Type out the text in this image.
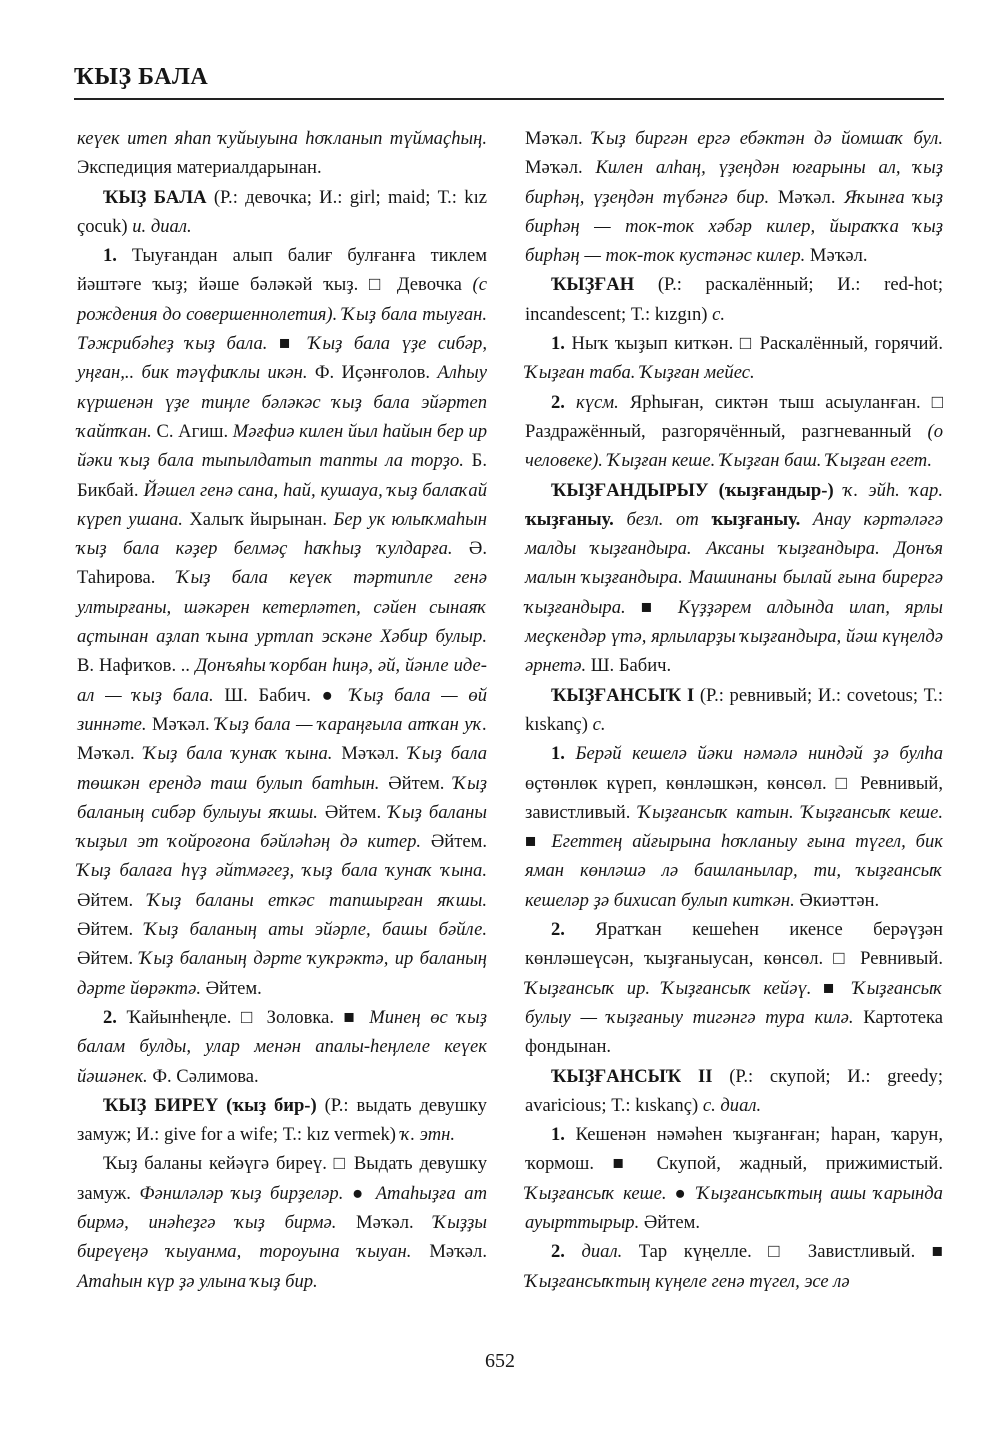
ҠЫҘ БАЛА

кеүек итеп яһап ҡуйыуына һоҡланып түймаҫһың. Экспедиция материалдарынан.

ҠЫҘ БАЛА (Р.: девочка; И.: girl; maid; Т.: kız çocuk) и. диал.

1. Тыуғандан алып балиғ булғанға тиклем йәштәге ҡыҙ; йәше бәләкәй ҡыҙ. □ Девочка (с рождения до совершеннолетия). Ҡыҙ бала тыуған. Тәжрибәһеҙ ҡыҙ бала. ■ Ҡыҙ бала үҙе сибәр, уңған,.. бик тәүфиҡлы икән. Ф. Иҫәнғолов. Алһыу күршенән үҙе тиңле бәләкәс ҡыҙ бала эйәртеп ҡайтҡан. С. Агиш. Мәғфиә килен йыл һайын бер ир йәки ҡыҙ бала тыпылдатып тапты ла торҙо. Б. Бикбай. Йәшел генә сана, һай, кушауа, ҡыҙ балаҡай күреп ушана. Халыҡ йырынан. Бер ук юлыҡмаһын ҡыҙ бала кәҙер белмәҫ һаҡһыҙ ҡулдарға. Ә. Таһирова. Ҡыҙ бала кеүек тәртипле генә ултырғаны, шәкәрен кетерләтеп, сәйен сынаяҡ аҫтынан аҙлап ҡына уртлап эскәне Хәбир булыр. В. Нафиҡов. .. Донъяһы ҡорбан һиңә, әй, йәнле идеал — ҡыҙ бала. Ш. Бабич. ● Ҡыҙ бала — өй зиннәте. Мәҡәл. Ҡыҙ бала — ҡараңғыла атҡан уҡ. Мәҡәл. Ҡыҙ бала ҡунаҡ ҡына. Мәҡәл. Ҡыҙ бала төшкән ерендә таш булып батһын. Әйтем. Ҡыҙ баланың сибәр булыуы яҡшы. Әйтем. Ҡыҙ баланы ҡыҙыл эт ҡойроғона бәйләһәң дә китер. Әйтем. Ҡыҙ балаға һүҙ әйтмәгеҙ, ҡыҙ бала ҡунаҡ ҡына. Әйтем. Ҡыҙ баланы еткәс тапшырған яҡшы. Әйтем. Ҡыҙ баланың аты эйәрле, башы бәйле. Әйтем. Ҡыҙ баланың дәрте ҡуҡрәктә, ир баланың дәрте йөрәктә. Әйтем.

2. Ҡайынһеңле. □ Золовка. ■ Минең өс ҡыҙ балам булды, улар менән апалы-һеңлеле кеүек йәшәнек. Ф. Сәлимова.

ҠЫҘ БИРЕҮ (ҡыҙ бир-) (Р.: выдать девушку замуж; И.: give for a wife; Т.: kız vermek) ҡ. этн.

Ҡыҙ баланы кейәүгә биреү. □ Выдать девушку замуж. Фәниләләр ҡыҙ бирҙеләр. ● Атаһыҙға ат бирмә, инәһеҙгә ҡыҙ бирмә. Мәҡәл. Ҡыҙҙы биреүеңә ҡыуанма, тороуына ҡыуан. Мәҡәл. Атаһын күр ҙә улына ҡыҙ бир.

Мәҡәл. Ҡыҙ биргән ергә ебәктән дә йомшаҡ бул. Мәҡәл. Килен алһаң, үҙеңдән юғарыны ал, ҡыҙ бирһәң, үҙеңдән түбәнгә бир. Мәҡәл. Яҡынға ҡыҙ бирһәң — ток-ток хәбәр килер, йыраҡҡа ҡыҙ бирһәң — ток-ток кустәнәс килер. Мәҡәл.

ҠЫҘҒАН (Р.: раскалённый; И.: red-hot; incandescent; Т.: kızgın) с.

1. Ныҡ ҡыҙып киткән. □ Раскалённый, горячий. Ҡыҙған таба. Ҡыҙған мейес.

2. күсм. Ярһыған, сиктән тыш асыуланған. □ Раздражённый, разгорячённый, разгневанный (о человеке). Ҡыҙған кеше. Ҡыҙған баш. Ҡыҙған егет.

ҠЫҘҒАНДЫРЫУ (ҡыҙғандыр-) ҡ. эйһ. ҡар. ҡыҙғаныу. безл. от ҡыҙғаныу. Анау кәртәләгә малды ҡыҙғандыра. Аксаны ҡыҙғандыра. Донъя малын ҡыҙғандыра. Машинаны былай ғына бирергә ҡыҙғандыра. ■ Күҙҙәрем алдында илап, ярлы меҫкендәр үтә, ярлыларҙы ҡыҙғандыра, йәш күңелдә әрнетә. Ш. Бабич.

ҠЫҘҒАНСЫҠ I (Р.: ревнивый; И.: covetous; Т.: kıskanç) с.

1. Берәй кешелә йәки нәмәлә ниндәй ҙә булһа өҫтөнлөк күреп, көнләшкән, көнсөл. □ Ревнивый, завистливый. Ҡыҙғансыҡ катын. Ҡыҙғансыҡ кеше. ■ Егеттең айғырына һоҡланыу ғына түгел, бик яман көнләшә лә башланылар, ти, ҡыҙғансыҡ кешеләр ҙә бихисап булып киткән. Әкиәттән.

2. Яратҡан кешеһен икенсе берәүҙән көнләшеүсән, ҡыҙғаныусан, көнсөл. □ Ревнивый. Ҡыҙғансыҡ ир. Ҡыҙғансыҡ кейәү. ■ Ҡыҙғансыҡ булыу — ҡыҙғаныу тигәнгә тура килә. Картотека фондынан.

ҠЫҘҒАНСЫҠ II (Р.: скупой; И.: greedy; avaricious; Т.: kıskanç) с. диал.

1. Кешенән нәмәһен ҡыҙғанған; һаран, ҡарун, ҡормош. ■ Скупой, жадный, прижимистый. Ҡыҙғансыҡ кеше. ● Ҡыҙғансыҡтың ашы ҡарында ауырттырыр. Әйтем.

2. диал. Тар күңелле. □ Завистливый. ■ Ҡыҙғансыҡтың күңеле генә түгел, эсе лә

652
